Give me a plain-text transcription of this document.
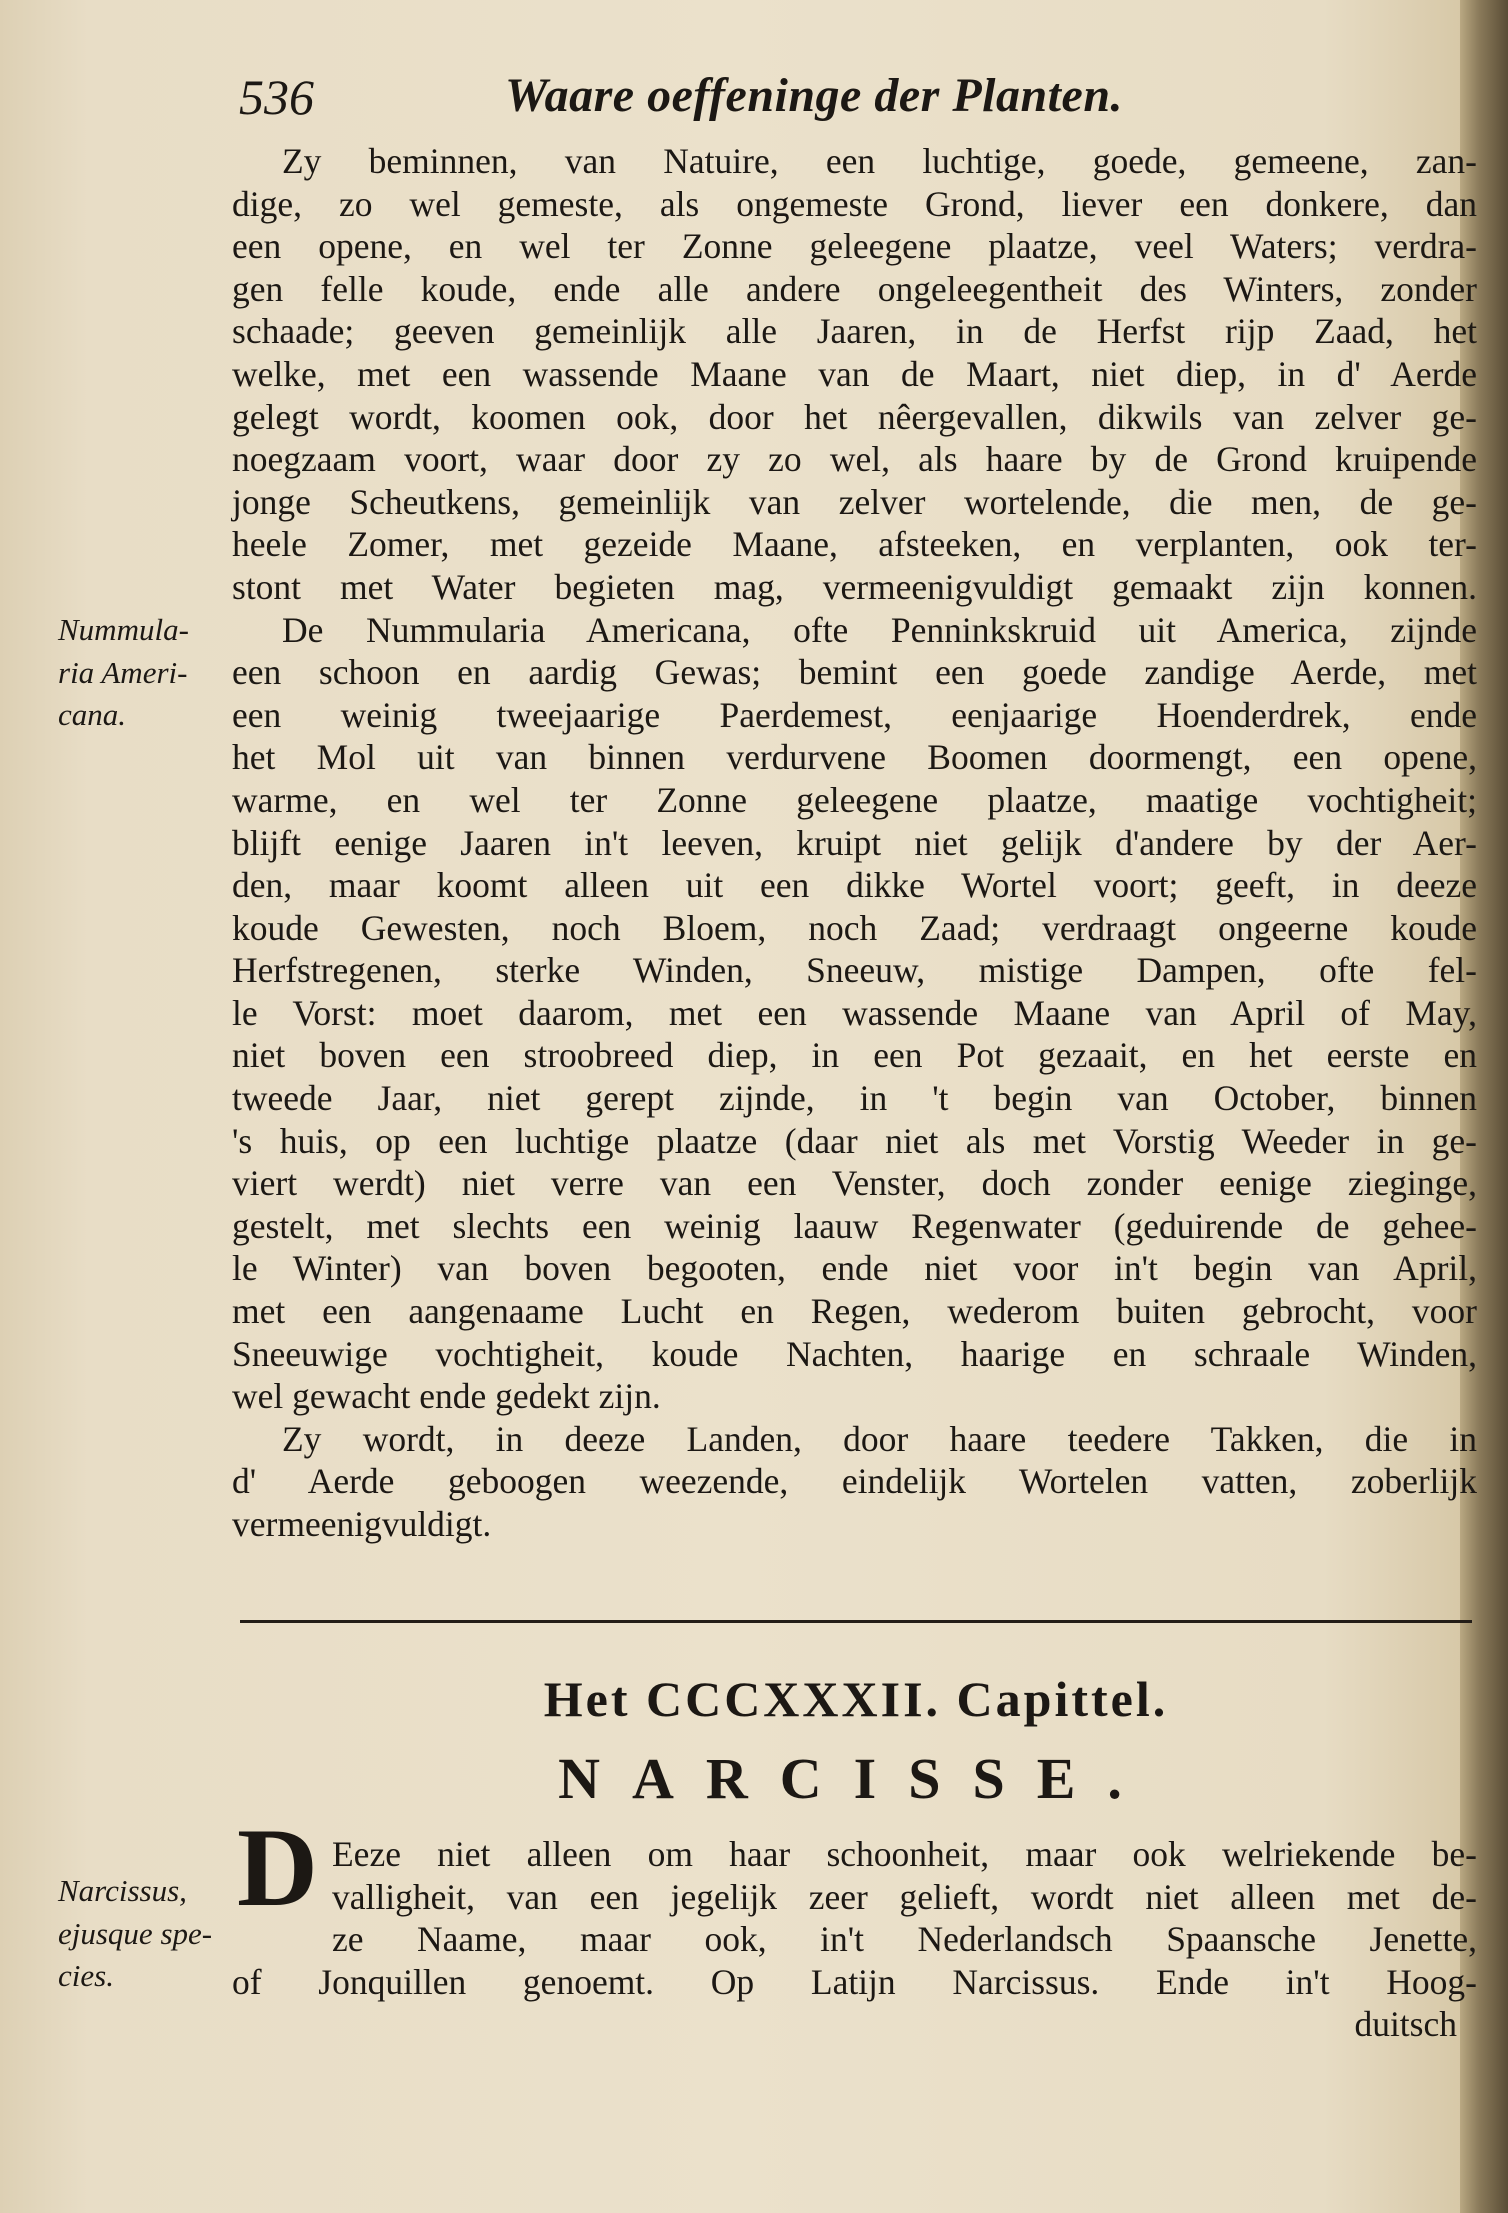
536	Waare oeffeninge der Planten.
Zy beminnen, van Natuire, een luchtige, goede, gemeene, zan-
dige, zo wel gemeste, als ongemeste Grond, liever een donkere, dan
een opene, en wel ter Zonne geleegene plaatze, veel Waters; verdra-
gen felle koude, ende alle andere ongeleegentheit des Winters, zonder
schaade; geeven gemeinlijk alle Jaaren, in de Herfst rijp Zaad, het
welke, met een wassende Maane van de Maart, niet diep, in d' Aerde
gelegt wordt, koomen ook, door het nêergevallen, dikwils van zelver ge-
noegzaam voort, waar door zy zo wel, als haare by de Grond kruipende
jonge Scheutkens, gemeinlijk van zelver wortelende, die men, de ge-
heele Zomer, met gezeide Maane, afsteeken, en verplanten, ook ter-
stont met Water begieten mag, vermeenigvuldigt gemaakt zijn konnen.
De Nummularia Americana, ofte Penninkskruid uit America, zijnde
een schoon en aardig Gewas; bemint een goede zandige Aerde, met
een weinig tweejaarige Paerdemest, eenjaarige Hoenderdrek, ende
het Mol uit van binnen verdurvene Boomen doormengt, een opene,
warme, en wel ter Zonne geleegene plaatze, maatige vochtigheit;
blijft eenige Jaaren in't leeven, kruipt niet gelijk d'andere by der Aer-
den, maar koomt alleen uit een dikke Wortel voort; geeft, in deeze
koude Gewesten, noch Bloem, noch Zaad; verdraagt ongeerne koude
Herfstregenen, sterke Winden, Sneeuw, mistige Dampen, ofte fel-
le Vorst: moet daarom, met een wassende Maane van April of May,
niet boven een stroobreed diep, in een Pot gezaait, en het eerste en
tweede Jaar, niet gerept zijnde, in 't begin van October, binnen
's huis, op een luchtige plaatze (daar niet als met Vorstig Weeder in ge-
viert werdt) niet verre van een Venster, doch zonder eenige zieginge,
gestelt, met slechts een weinig laauw Regenwater (geduirende de gehee-
le Winter) van boven begooten, ende niet voor in't begin van April,
met een aangenaame Lucht en Regen, wederom buiten gebrocht, voor
Sneeuwige vochtigheit, koude Nachten, haarige en schraale Winden,
wel gewacht ende gedekt zijn.
Zy wordt, in deeze Landen, door haare teedere Takken, die in
d' Aerde geboogen weezende, eindelijk Wortelen vatten, zoberlijk
vermeenigvuldigt.
Nummula-
ria Ameri-
cana.
Het CCCXXXII. Capittel.
NARCISSE.
D Eeze niet alleen om haar schoonheit, maar ook welriekende be-
valligheit, van een jegelijk zeer gelieft, wordt niet alleen met de-
ze Naame, maar ook, in't Nederlandsch Spaansche Jenette,
of Jonquillen genoemt. Op Latijn Narcissus. Ende in't Hoog-
duitsch
Narcissus,
ejusque spe-
cies.
